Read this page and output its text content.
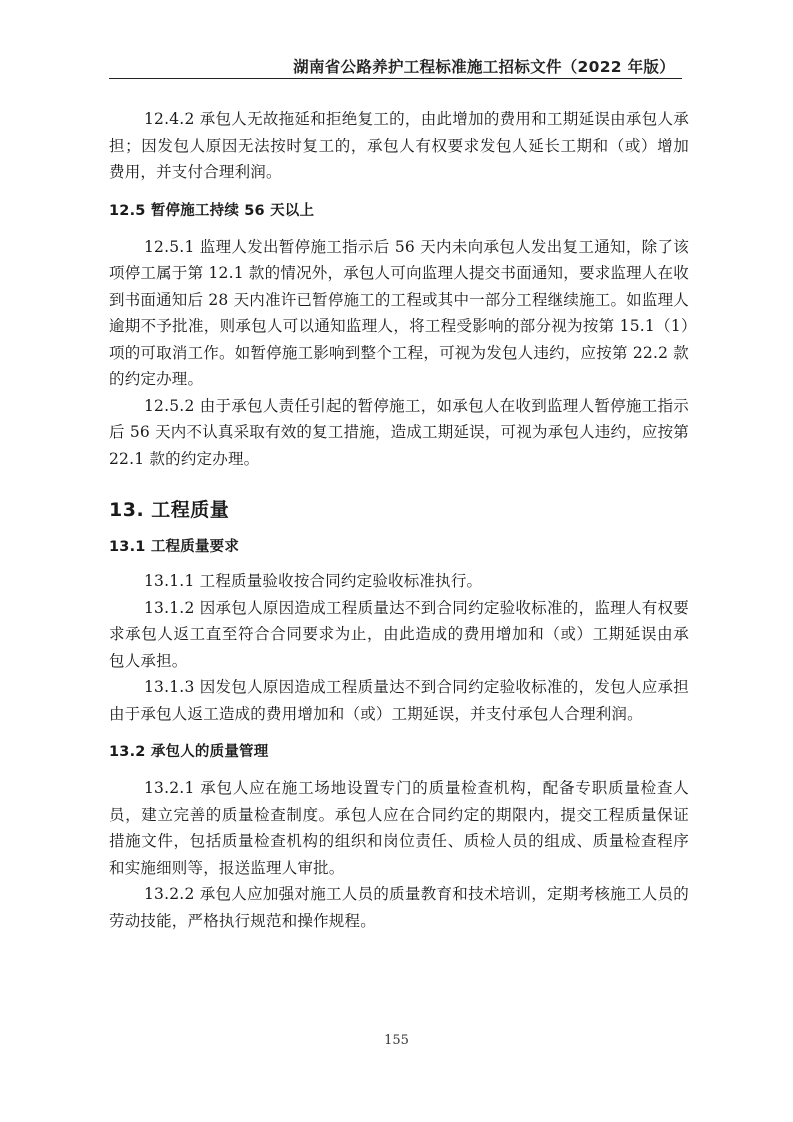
湖南省公路养护工程标准施工招标文件（2022 年版）

12.4.2 承包人无故拖延和拒绝复工的，由此增加的费用和工期延误由承包人承担；因发包人原因无法按时复工的，承包人有权要求发包人延长工期和（或）增加费用，并支付合理利润。

12.5 暂停施工持续 56 天以上

12.5.1 监理人发出暂停施工指示后 56 天内未向承包人发出复工通知，除了该项停工属于第 12.1 款的情况外，承包人可向监理人提交书面通知，要求监理人在收到书面通知后 28 天内准许已暂停施工的工程或其中一部分工程继续施工。如监理人逾期不予批准，则承包人可以通知监理人，将工程受影响的部分视为按第 15.1（1）项的可取消工作。如暂停施工影响到整个工程，可视为发包人违约，应按第 22.2 款的约定办理。

12.5.2 由于承包人责任引起的暂停施工，如承包人在收到监理人暂停施工指示后 56 天内不认真采取有效的复工措施，造成工期延误，可视为承包人违约，应按第 22.1 款的约定办理。

13. 工程质量
13.1 工程质量要求

13.1.1 工程质量验收按合同约定验收标准执行。

13.1.2 因承包人原因造成工程质量达不到合同约定验收标准的，监理人有权要求承包人返工直至符合合同要求为止，由此造成的费用增加和（或）工期延误由承包人承担。

13.1.3 因发包人原因造成工程质量达不到合同约定验收标准的，发包人应承担由于承包人返工造成的费用增加和（或）工期延误，并支付承包人合理利润。

13.2 承包人的质量管理

13.2.1 承包人应在施工场地设置专门的质量检查机构，配备专职质量检查人员，建立完善的质量检查制度。承包人应在合同约定的期限内，提交工程质量保证措施文件，包括质量检查机构的组织和岗位责任、质检人员的组成、质量检查程序和实施细则等，报送监理人审批。

13.2.2 承包人应加强对施工人员的质量教育和技术培训，定期考核施工人员的劳动技能，严格执行规范和操作规程。

155
